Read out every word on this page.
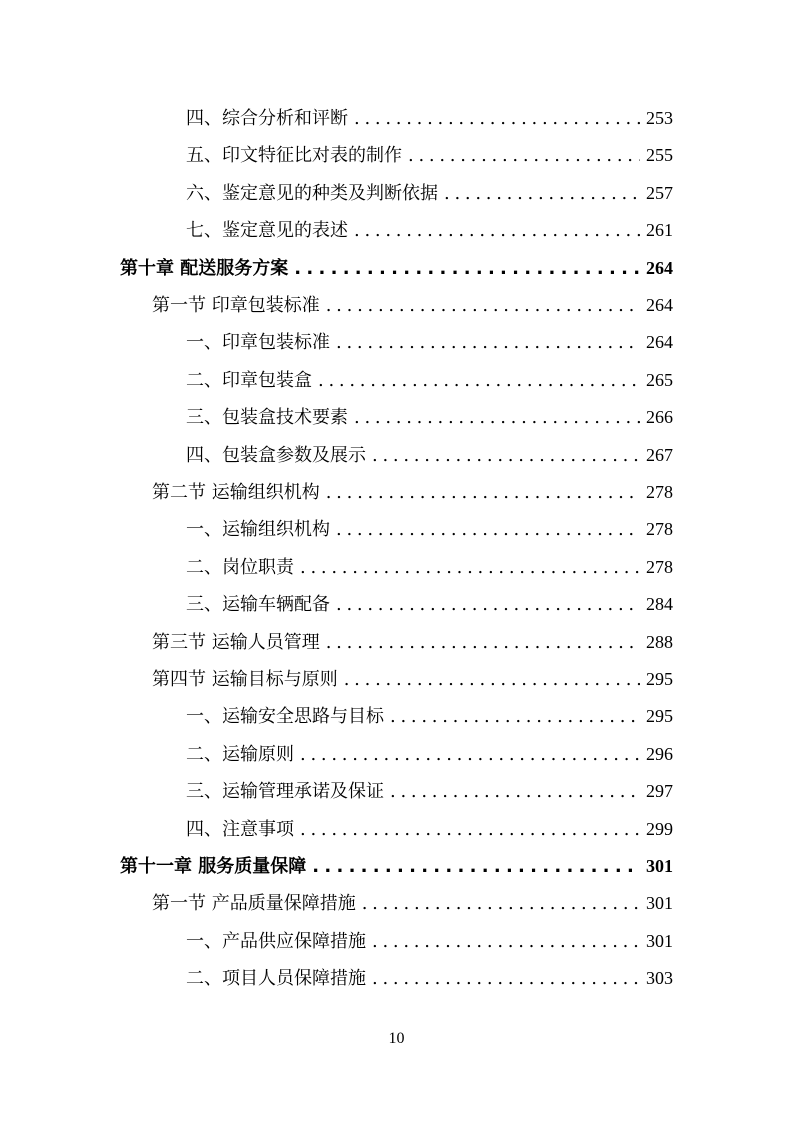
四、综合分析和评断 . . .	253
五、印文特征比对表的制作 . . .	255
六、鉴定意见的种类及判断依据 . . .	257
七、鉴定意见的表述 . . .	261
第十章 配送服务方案 . . .	264
第一节 印章包装标准 . . .	264
一、印章包装标准 . . .	264
二、印章包装盒 . . .	265
三、包装盒技术要素 . . .	266
四、包装盒参数及展示 . . .	267
第二节 运输组织机构 . . .	278
一、运输组织机构 . . .	278
二、岗位职责 . . .	278
三、运输车辆配备 . . .	284
第三节 运输人员管理 . . .	288
第四节 运输目标与原则 . . .	295
一、运输安全思路与目标 . . .	295
二、运输原则 . . .	296
三、运输管理承诺及保证 . . .	297
四、注意事项 . . .	299
第十一章 服务质量保障 . . .	301
第一节 产品质量保障措施 . . .	301
一、产品供应保障措施 . . .	301
二、项目人员保障措施 . . .	303
10
